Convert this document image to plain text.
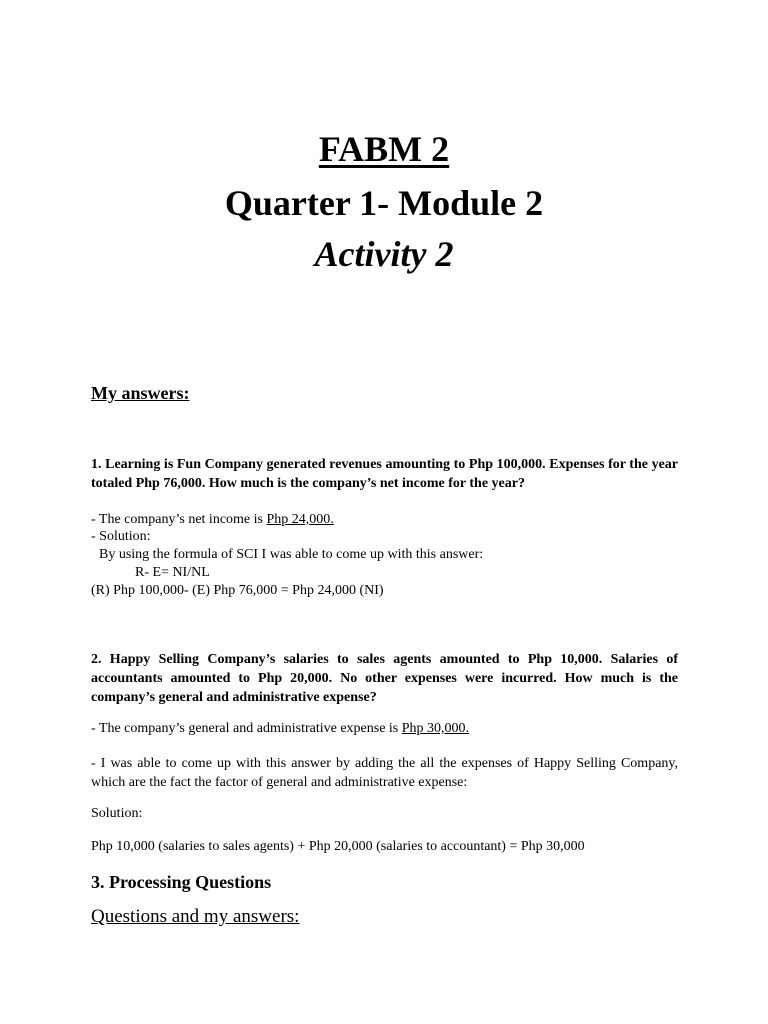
FABM 2
Quarter 1- Module 2
Activity 2
My answers:
1. Learning is Fun Company generated revenues amounting to Php 100,000. Expenses for the year totaled Php 76,000. How much is the company’s net income for the year?
- The company’s net income is Php 24,000.
- Solution:
By using the formula of SCI I was able to come up with this answer:
R- E= NI/NL
(R) Php 100,000- (E) Php 76,000 = Php 24,000 (NI)
2. Happy Selling Company’s salaries to sales agents amounted to Php 10,000. Salaries of accountants amounted to Php 20,000. No other expenses were incurred. How much is the company’s general and administrative expense?
- The company’s general and administrative expense is Php 30,000.
- I was able to come up with this answer by adding the all the expenses of Happy Selling Company, which are the fact the factor of general and administrative expense:
Solution:
Php 10,000 (salaries to sales agents) + Php 20,000 (salaries to accountant) = Php 30,000
3. Processing Questions
Questions and my answers:
